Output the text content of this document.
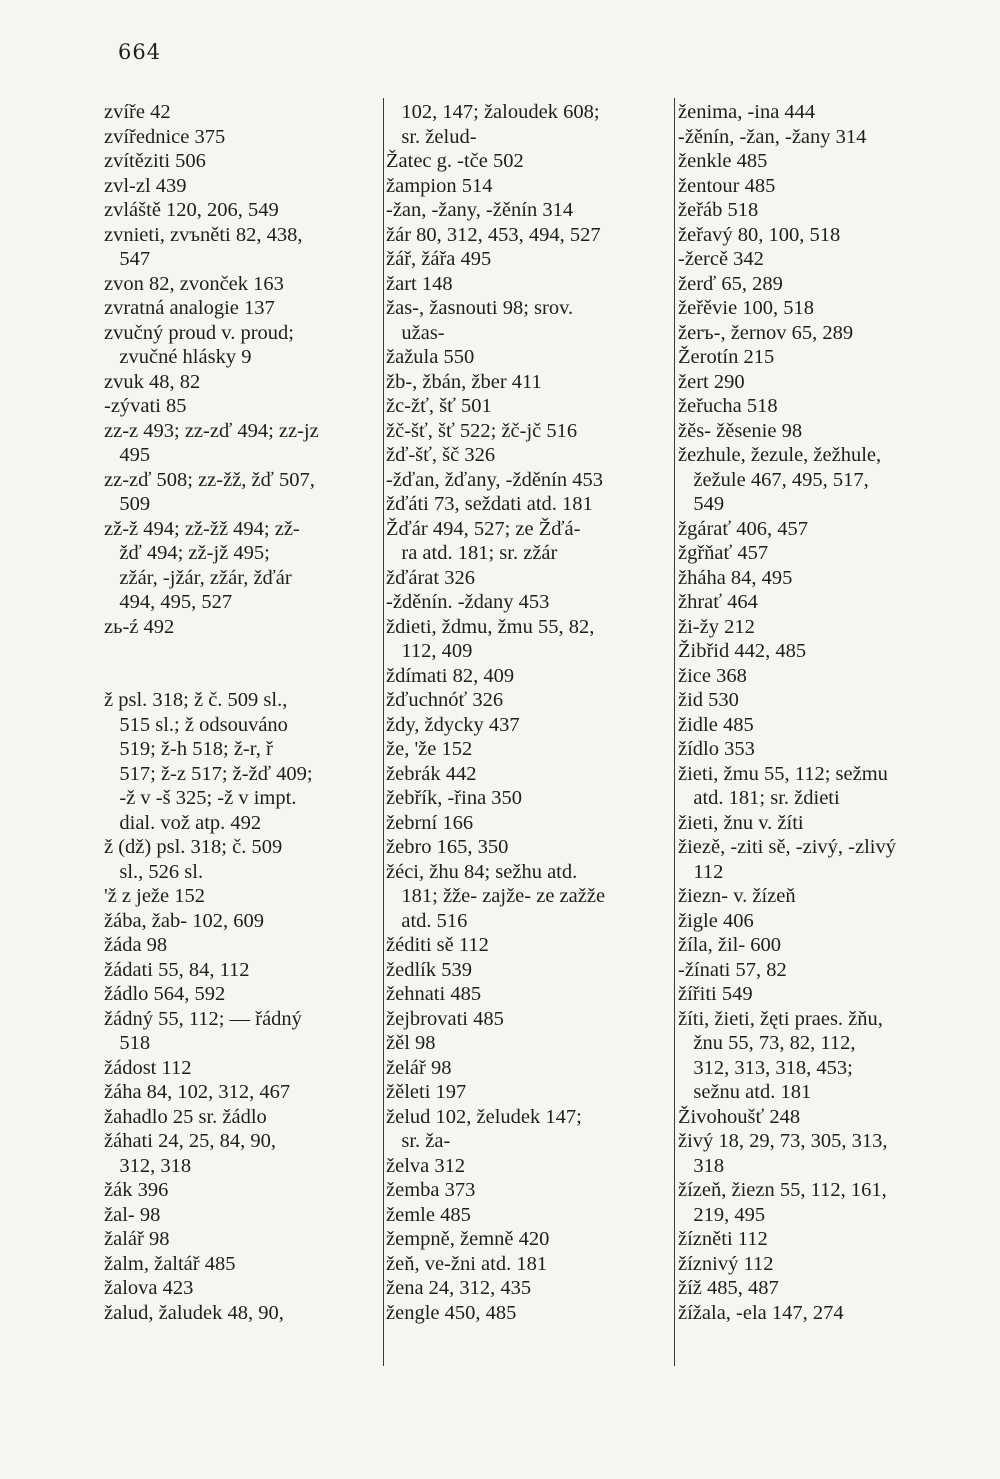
664
zvíře 42
zvířednice 375
zvítěziti 506
zvl-zl 439
zvláště 120, 206, 549
zvnieti, zvъněti 82, 438,
547
zvon 82, zvonček 163
zvratná analogie 137
zvučný proud v. proud;
zvučné hlásky 9
zvuk 48, 82
-zývati 85
zz-z 493; zz-zď 494; zz-jz
495
zz-zď 508; zz-žž, žď 507,
509
zž-ž 494; zž-žž 494; zž-
žď 494; zž-jž 495;
zžár, -jžár, zžár, žďár
494, 495, 527
zь-ź 492
ž psl. 318; ž č. 509 sl.,
515 sl.; ž odsouváno
519; ž-h 518; ž-r, ř
517; ž-z 517; ž-žď 409;
-ž v -š 325; -ž v impt.
dial. vož atp. 492
ž (dž) psl. 318; č. 509
sl., 526 sl.
'ž z ježe 152
žába, žab- 102, 609
žáda 98
žádati 55, 84, 112
žádlo 564, 592
žádný 55, 112; — řádný
518
žádost 112
žáha 84, 102, 312, 467
žahadlo 25 sr. žádlo
žáhati 24, 25, 84, 90,
312, 318
žák 396
žal- 98
žalář 98
žalm, žaltář 485
žalova 423
žalud, žaludek 48, 90,
102, 147; žaloudek 608;
sr. želud-
Žatec g. -tče 502
žampion 514
-žan, -žany, -žěnín 314
žár 80, 312, 453, 494, 527
žář, žářa 495
žart 148
žas-, žasnouti 98; srov.
užas-
žažula 550
žb-, žbán, žber 411
žc-žť, šť 501
žč-šť, šť 522; žč-jč 516
žď-šť, šč 326
-žďan, žďany, -žděnín 453
žďáti 73, seždati atd. 181
Žďár 494, 527; ze Žďá-
ra atd. 181; sr. zžár
žďárat 326
-žděnín. -ždany 453
ždieti, ždmu, žmu 55, 82,
112, 409
ždímati 82, 409
žďuchnóť 326
ždy, ždycky 437
že, 'že 152
žebrák 442
žebřík, -řina 350
žebrní 166
žebro 165, 350
žéci, žhu 84; sežhu atd.
181; žže- zajže- ze zažže
atd. 516
žéditi sě 112
žedlík 539
žehnati 485
žejbrovati 485
žěl 98
želář 98
žěleti 197
želud 102, želudek 147;
sr. ža-
želva 312
žemba 373
žemle 485
žempně, žemně 420
žeň, ve-žni atd. 181
žena 24, 312, 435
žengle 450, 485
ženima, -ina 444
-žěnín, -žan, -žany 314
ženkle 485
žentour 485
žeřáb 518
žeřavý 80, 100, 518
-žercě 342
žerď 65, 289
žeřěvie 100, 518
žerъ-, žernov 65, 289
Žerotín 215
žert 290
žeřucha 518
žěs- žěsenie 98
žezhule, žezule, žežhule,
žežule 467, 495, 517,
549
žgárať 406, 457
žgřňať 457
žháha 84, 495
žhrať 464
ži-žy 212
Žibřid 442, 485
žice 368
žid 530
židle 485
žídlo 353
žieti, žmu 55, 112; sežmu
atd. 181; sr. ždieti
žieti, žnu v. žíti
žiezě, -ziti sě, -zivý, -zlivý
112
žiezn- v. žízeň
žigle 406
žíla, žil- 600
-žínati 57, 82
žířiti 549
žíti, žieti, žęti praes. žňu,
žnu 55, 73, 82, 112,
312, 313, 318, 453;
sežnu atd. 181
Živohoušť 248
živý 18, 29, 73, 305, 313,
318
žízeň, žiezn 55, 112, 161,
219, 495
žízněti 112
žíznivý 112
žíž 485, 487
žížala, -ela 147, 274
